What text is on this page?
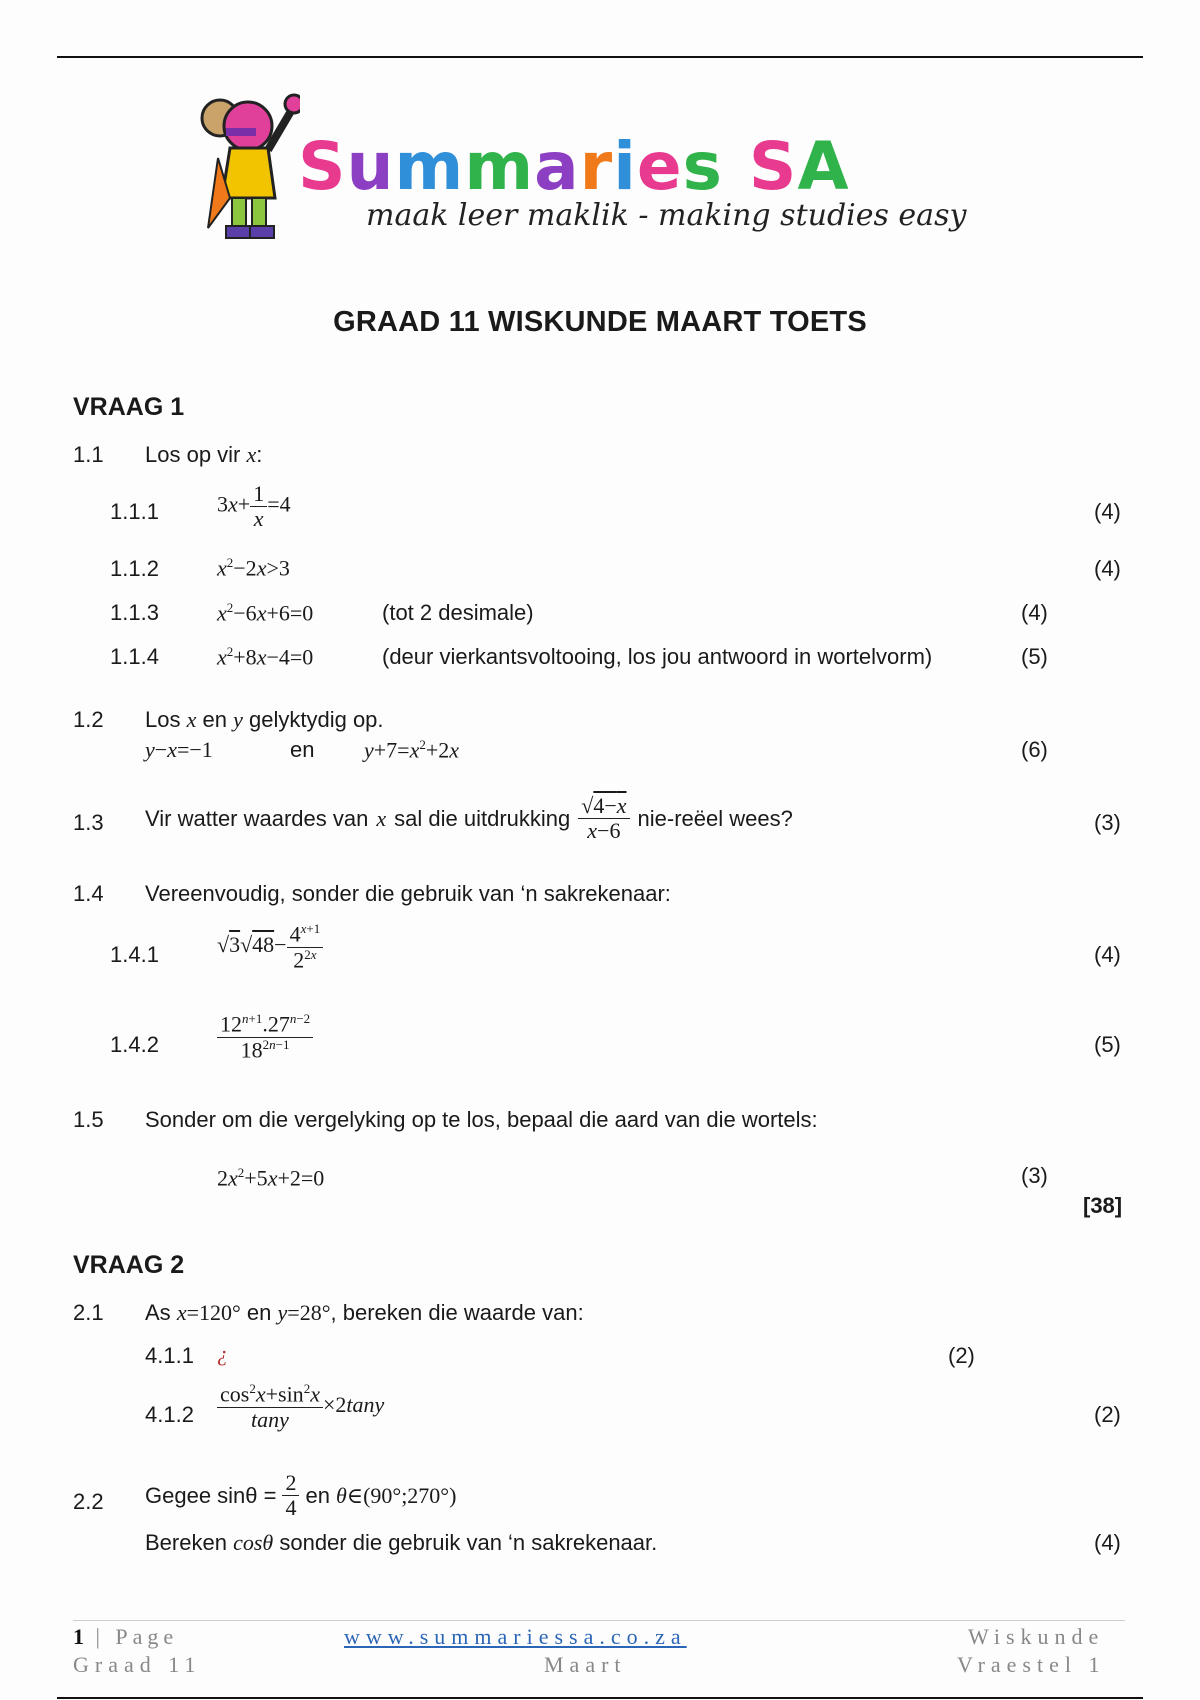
Summaries SA
maak leer maklik - making studies easy
GRAAD 11 WISKUNDE MAART TOETS
VRAAG 1
1.1 Los op vir x:
1.1.1	$3x+ \frac{1}{x} =4$	(4)
1.1.2	$x^2-2x>3$	(4)
1.1.3	$x^2-6x+6=0$	(tot 2 desimale)	(4)
1.1.4	$x^2+8x-4=0$	(deur vierkantsvoltooing, los jou antwoord in wortelvorm)	(5)
1.2 Los x en y gelyktydig op.
y−x=−1	en $y+7=x^2+2x$	(6)
1.3 Vir watter waardes van x sal die uitdrukking $\frac{√4-x}{x-6}$ nie-reëel wees?	(3)
1.4 Vereenvoudig, sonder die gebruik van ‘n sakrekenaar:
1.4.1	$√3√48- \frac{4^{x+1}}{2^{2x}}$	(4)
1.4.2	$\frac{12^{n+1}.27^{n-2}}{18^{2n-1}}$	(5)
1.5 Sonder om die vergelyking op te los, bepaal die aard van die wortels:
$2x^2+5x+2=0$	(3)
[38]
VRAAG 2
2.1 As x=120° en y=28°, bereken die waarde van:
4.1.1 ¿	(2)
$4.1.2 \frac{\cos^2x+\sin^2x}{\tan y} \times 2\tan y$	(2)
2.2 Gegee $\sin\theta = \frac{2}{4}$ en θ∈(90°;270°)
Bereken cosθ sonder die gebruik van ‘n sakrekenaar.	(4)
1 | Page
Graad 11
www.summariessa.co.za
Maart
Wiskunde
Vraestel 1
